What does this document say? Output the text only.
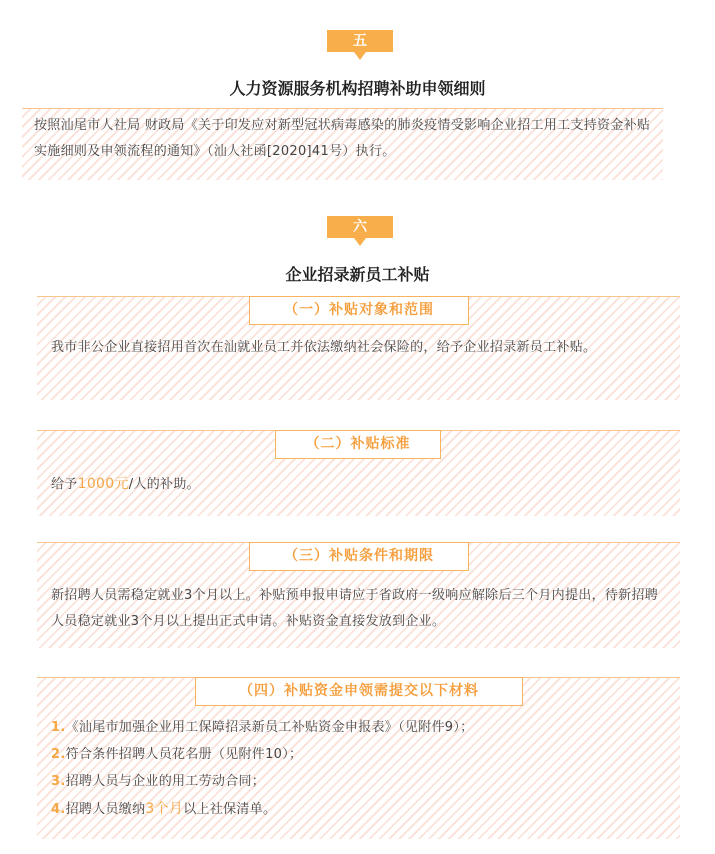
五
人力资源服务机构招聘补助申领细则
按照汕尾市人社局 财政局《关于印发应对新型冠状病毒感染的肺炎疫情受影响企业招工用工支持资金补贴实施细则及申领流程的通知》（汕人社函[2020]41号）执行。
六
企业招录新员工补贴
我市非公企业直接招用首次在汕就业员工并依法缴纳社会保险的，给予企业招录新员工补贴。
（一）补贴对象和范围
给予1000元/人的补助。
（二）补贴标准
新招聘人员需稳定就业3个月以上。补贴预申报申请应于省政府一级响应解除后三个月内提出，待新招聘人员稳定就业3个月以上提出正式申请。补贴资金直接发放到企业。
（三）补贴条件和期限
1.《汕尾市加强企业用工保障招录新员工补贴资金申报表》（见附件9）；
2.符合条件招聘人员花名册（见附件10）；
3.招聘人员与企业的用工劳动合同；
4.招聘人员缴纳3个月以上社保清单。
（四）补贴资金申领需提交以下材料
